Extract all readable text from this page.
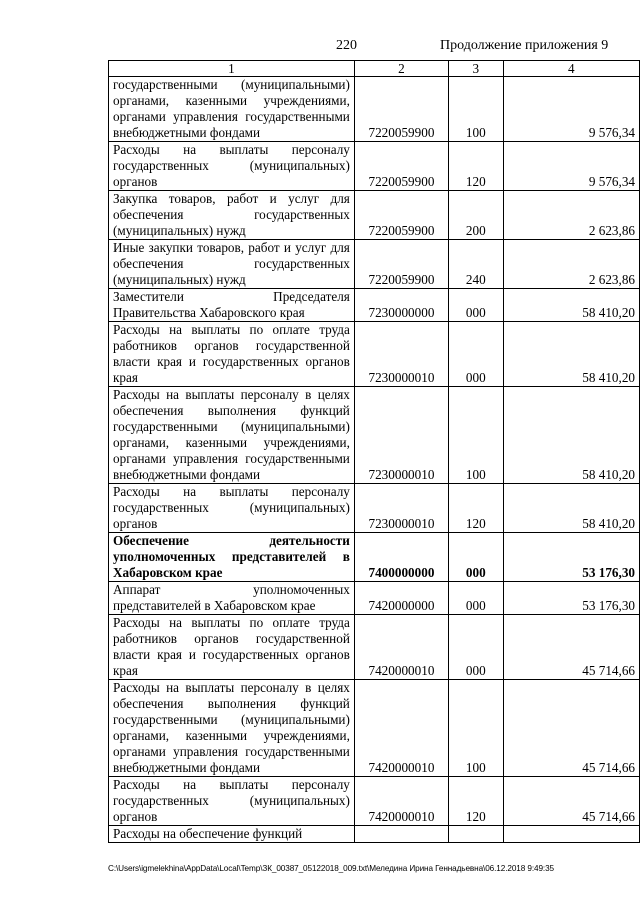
220	Продолжение приложения 9
1	2	3	4
государственными (муниципальными) органами, казенными учреждениями, органами управления государственными внебюджетными фондами	7220059900	100	9 576,34
Расходы на выплаты персоналу государственных (муниципальных) органов	7220059900	120	9 576,34
Закупка товаров, работ и услуг для обеспечения государственных (муниципальных) нужд	7220059900	200	2 623,86
Иные закупки товаров, работ и услуг для обеспечения государственных (муниципальных) нужд	7220059900	240	2 623,86
Заместители Председателя Правительства Хабаровского края	7230000000	000	58 410,20
Расходы на выплаты по оплате труда работников органов государственной власти края и государственных органов края	7230000010	000	58 410,20
Расходы на выплаты персоналу в целях обеспечения выполнения функций государственными (муниципальными) органами, казенными учреждениями, органами управления государственными внебюджетными фондами	7230000010	100	58 410,20
Расходы на выплаты персоналу государственных (муниципальных) органов	7230000010	120	58 410,20
Обеспечение деятельности уполномоченных представителей в Хабаровском крае	7400000000	000	53 176,30
Аппарат уполномоченных представителей в Хабаровском крае	7420000000	000	53 176,30
Расходы на выплаты по оплате труда работников органов государственной власти края и государственных органов края	7420000010	000	45 714,66
Расходы на выплаты персоналу в целях обеспечения выполнения функций государственными (муниципальными) органами, казенными учреждениями, органами управления государственными внебюджетными фондами	7420000010	100	45 714,66
Расходы на выплаты персоналу государственных (муниципальных) органов	7420000010	120	45 714,66
Расходы на обеспечение функций			
C:\Users\igmelekhina\AppData\Local\Temp\ЗК_00387_05122018_009.txt\Меледина Ирина Геннадьевна\06.12.2018 9:49:35
